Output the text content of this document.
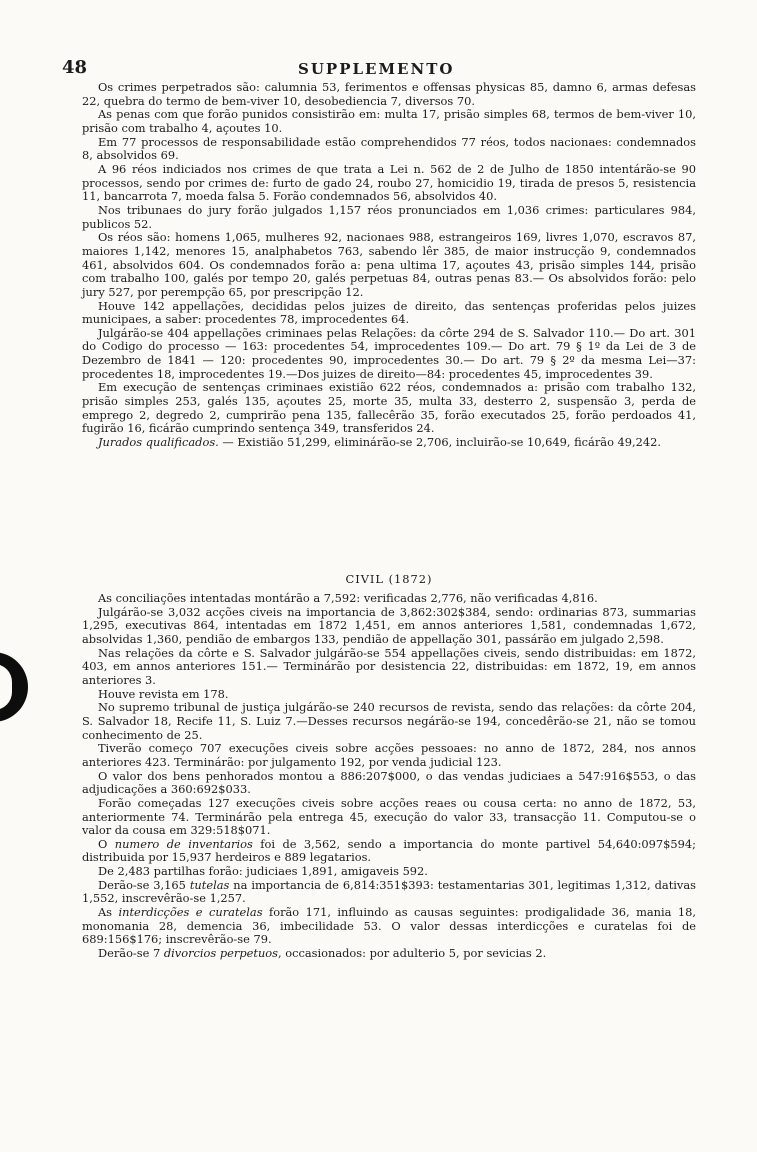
48	SUPPLEMENTO

Os crimes perpetrados são: calumnia 53, ferimentos e offensas physicas 85, damno 6, armas defesas 22, quebra do termo de bem-viver 10, desobediencia 7, diversos 70.

As penas com que forão punidos consistirão em: multa 17, prisão simples 68, termos de bem-viver 10, prisão com trabalho 4, açoutes 10.

Em 77 processos de responsabilidade estão comprehendidos 77 réos, todos nacionaes: condemnados 8, absolvidos 69.

A 96 réos indiciados nos crimes de que trata a Lei n. 562 de 2 de Julho de 1850 intentárão-se 90 processos, sendo por crimes de: furto de gado 24, roubo 27, homicidio 19, tirada de presos 5, resistencia 11, bancarrota 7, moeda falsa 5. Forão condemnados 56, absolvidos 40.

Nos tribunaes do jury forão julgados 1,157 réos pronunciados em 1,036 crimes: particulares 984, publicos 52.

Os réos são: homens 1,065, mulheres 92, nacionaes 988, estrangeiros 169, livres 1,070, escravos 87, maiores 1,142, menores 15, analphabetos 763, sabendo lêr 385, de maior instrucção 9, condemnados 461, absolvidos 604. Os condemnados forão a: pena ultima 17, açoutes 43, prisão simples 144, prisão com trabalho 100, galés por tempo 20, galés perpetuas 84, outras penas 83.— Os absolvidos forão: pelo jury 527, por perempção 65, por prescripção 12.

Houve 142 appellações, decididas pelos juizes de direito, das sentenças proferidas pelos juizes municipaes, a saber: procedentes 78, improcedentes 64.

Julgárão-se 404 appellações criminaes pelas Relações: da côrte 294 de S. Salvador 110.— Do art. 301 do Codigo do processo — 163: procedentes 54, improcedentes 109.— Do art. 79 § 1º da Lei de 3 de Dezembro de 1841 — 120: procedentes 90, improcedentes 30.— Do art. 79 § 2º da mesma Lei—37: procedentes 18, improcedentes 19.—Dos juizes de direito—84: procedentes 45, improcedentes 39.

Em execução de sentenças criminaes existião 622 réos, condemnados a: prisão com trabalho 132, prisão simples 253, galés 135, açoutes 25, morte 35, multa 33, desterro 2, suspensão 3, perda de emprego 2, degredo 2, cumprirão pena 135, fallecêrão 35, forão executados 25, forão perdoados 41, fugirão 16, ficárão cumprindo sentença 349, transferidos 24.

Jurados qualificados. — Existião 51,299, eliminárão-se 2,706, incluirão-se 10,649, ficárão 49,242.

CIVIL (1872)

As conciliações intentadas montárão a 7,592: verificadas 2,776, não verificadas 4,816.

Julgárão-se 3,032 acções civeis na importancia de 3,862:302$384, sendo: ordinarias 873, summarias 1,295, executivas 864, intentadas em 1872 1,451, em annos anteriores 1,581, condemnadas 1,672, absolvidas 1,360, pendião de embargos 133, pendião de appellação 301, passárão em julgado 2,598.

Nas relações da côrte e S. Salvador julgárão-se 554 appellações civeis, sendo distribuidas: em 1872, 403, em annos anteriores 151.— Terminárão por desistencia 22, distribuidas: em 1872, 19, em annos anteriores 3.

Houve revista em 178.

No supremo tribunal de justiça julgárão-se 240 recursos de revista, sendo das relações: da côrte 204, S. Salvador 18, Recife 11, S. Luiz 7.—Desses recursos negárão-se 194, concedêrão-se 21, não se tomou conhecimento de 25.

Tiverão começo 707 execuções civeis sobre acções pessoaes: no anno de 1872, 284, nos annos anteriores 423. Terminárão: por julgamento 192, por venda judicial 123.

O valor dos bens penhorados montou a 886:207$000, o das vendas judiciaes a 547:916$553, o das adjudicações a 360:692$033.

Forão começadas 127 execuções civeis sobre acções reaes ou cousa certa: no anno de 1872, 53, anteriormente 74. Terminárão pela entrega 45, execução do valor 33, transacção 11. Computou-se o valor da cousa em 329:518$071.

O numero de inventarios foi de 3,562, sendo a importancia do monte partivel 54,640:097$594; distribuida por 15,937 herdeiros e 889 legatarios.

De 2,483 partilhas forão: judiciaes 1,891, amigaveis 592.

Derão-se 3,165 tutelas na importancia de 6,814:351$393: testamentarias 301, legitimas 1,312, dativas 1,552, inscrevêrão-se 1,257.

As interdicções e curatelas forão 171, influindo as causas seguintes: prodigalidade 36, mania 18, monomania 28, demencia 36, imbecilidade 53. O valor dessas interdicções e curatelas foi de 689:156$176; inscrevêrão-se 79.

Derão-se 7 divorcios perpetuos, occasionados: por adulterio 5, por sevicias 2.
